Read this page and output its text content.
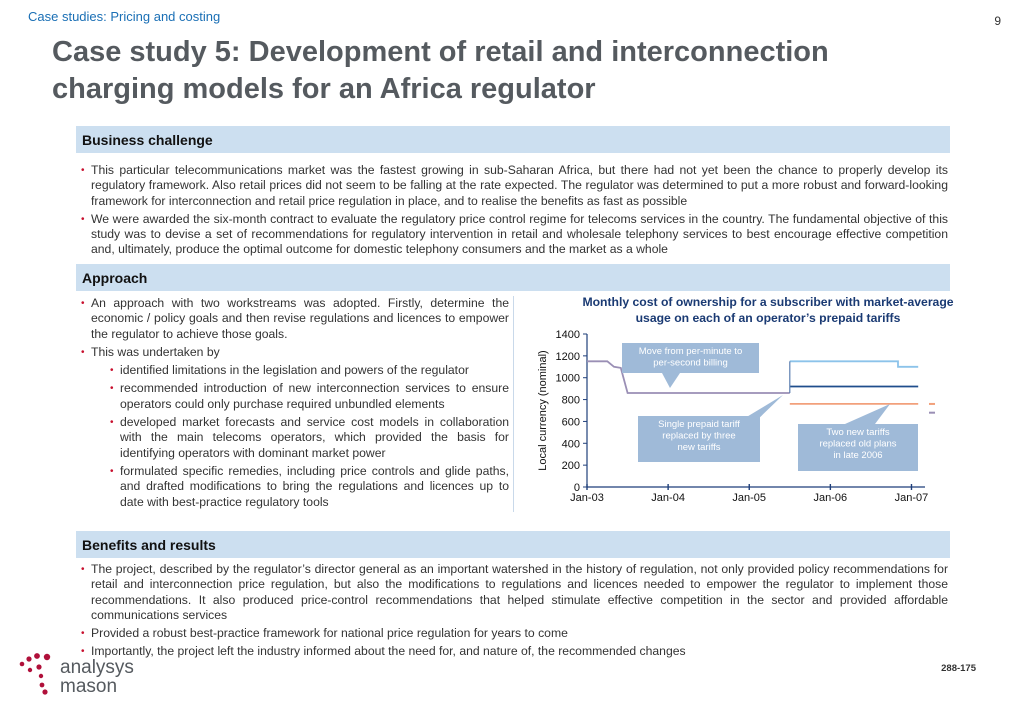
Case studies: Pricing and costing	9
Case study 5: Development of retail and interconnection charging models for an Africa regulator
Business challenge
• This particular telecommunications market was the fastest growing in sub-Saharan Africa, but there had not yet been the chance to properly develop its regulatory framework. Also retail prices did not seem to be falling at the rate expected. The regulator was determined to put a more robust and forward-looking framework for interconnection and retail price regulation in place, and to realise the benefits as fast as possible
• We were awarded the six-month contract to evaluate the regulatory price control regime for telecoms services in the country. The fundamental objective of this study was to devise a set of recommendations for regulatory intervention in retail and wholesale telephony services to best encourage effective competition and, ultimately, produce the optimal outcome for domestic telephony consumers and the market as a whole
Approach
• An approach with two workstreams was adopted. Firstly, determine the economic / policy goals and then revise regulations and licences to empower the regulator to achieve those goals.
• This was undertaken by
• identified limitations in the legislation and powers of the regulator
• recommended introduction of new interconnection services to ensure operators could only purchase required unbundled elements
• developed market forecasts and service cost models in collaboration with the main telecoms operators, which provided the basis for identifying operators with dominant market power
• formulated specific remedies, including price controls and glide paths, and drafted modifications to bring the regulations and licences up to date with best-practice regulatory tools
Monthly cost of ownership for a subscriber with market-average usage on each of an operator’s prepaid tariffs
0
200
400
600
800
1000
1200
1400
Jan-03	Jan-04	Jan-05	Jan-06	Jan-07
Local currency (nominal)	Move from per-minute to per-second billing
Single prepaid tariff replaced by three new tariffs
Two new tariffs replaced old plans in late 2006
Benefits and results
• The project, described by the regulator’s director general as an important watershed in the history of regulation, not only provided policy recommendations for retail and interconnection price regulation, but also the modifications to regulations and licences needed to empower the regulator to implement those recommendations. It also produced price-control recommendations that helped stimulate effective competition in the sector and provided affordable communications services
• Provided a robust best-practice framework for national price regulation for years to come
• Importantly, the project left the industry informed about the need for, and nature of, the recommended changes
analysys
mason
288-175
